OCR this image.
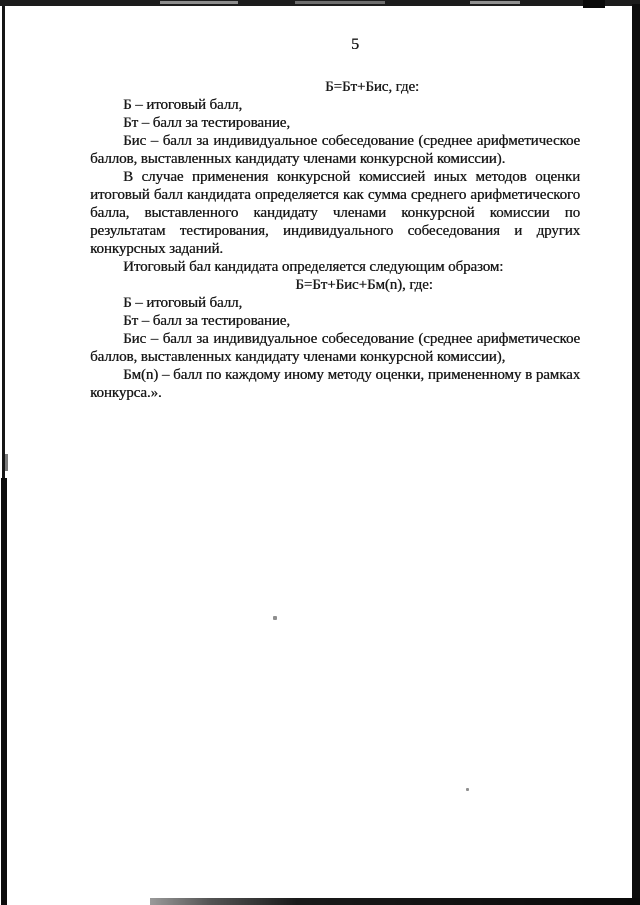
5

Б=Бт+Бис, где:

Б – итоговый балл,

Бт – балл за тестирование,

Бис – балл за индивидуальное собеседование (среднее арифметическое баллов, выставленных кандидату членами конкурсной комиссии).

В случае применения конкурсной комиссией иных методов оценки итоговый балл кандидата определяется как сумма среднего арифметического балла, выставленного кандидату членами конкурсной комиссии по результатам тестирования, индивидуального собеседования и других конкурсных заданий.

Итоговый бал кандидата определяется следующим образом:

Б=Бт+Бис+Бм(n), где:

Б – итоговый балл,

Бт – балл за тестирование,

Бис – балл за индивидуальное собеседование (среднее арифметическое баллов, выставленных кандидату членами конкурсной комиссии),

Бм(n) – балл по каждому иному методу оценки, примененному в рамках конкурса.».
